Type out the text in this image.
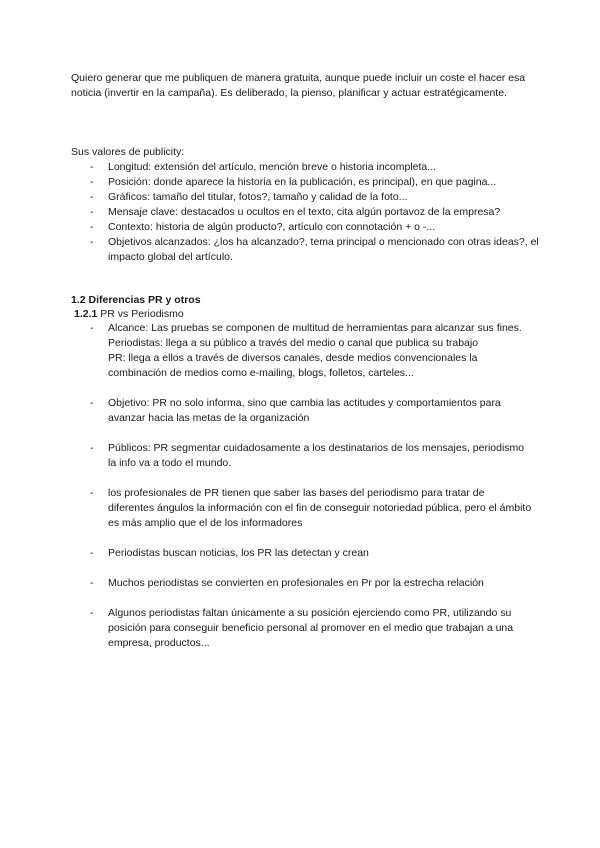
Quiero generar que me publiquen de manera gratuita, aunque puede incluir un coste el hacer esa noticia (invertir en la campaña). Es deliberado, la pienso, planificar y actuar estratégicamente.

Sus valores de publicity:

- Longitud: extensión del artículo, mención breve o historia incompleta...
- Posición: donde aparece la historia en la publicación, es principal), en que pagina...
- Gráficos: tamaño del titular, fotos?, tamaño y calidad de la foto...
- Mensaje clave: destacados u ocultos en el texto, cita algún portavoz de la empresa?
- Contexto: historia de algún producto?, artículo con connotación + o -...
- Objetivos alcanzados: ¿los ha alcanzado?, tema principal o mencionado con otras ideas?, el impacto global del artículo.

1.2 Diferencias PR y otros

1.2.1 PR vs Periodismo

- Alcance: Las pruebas se componen de multitud de herramientas para alcanzar sus fines. Periodistas: llega a su público a través del medio o canal que publica su trabajo
PR: llega a ellos a través de diversos canales, desde medios convencionales la combinación de medios como e-mailing, blogs, folletos, carteles...
- Objetivo: PR no solo informa, sino que cambia las actitudes y comportamientos para avanzar hacia las metas de la organización
- Públicos: PR segmentar cuidadosamente a los destinatarios de los mensajes, periodismo la info va a todo el mundo.
- los profesionales de PR tienen que saber las bases del periodismo para tratar de diferentes ángulos la información con el fin de conseguir notoriedad pública, pero el ámbito es más amplio que el de los informadores
- Periodistas buscan noticias, los PR las detectan y crean
- Muchos periodistas se convierten en profesionales en Pr por la estrecha relación
- Algunos periodistas faltan únicamente a su posición ejerciendo como PR, utilizando su posición para conseguir beneficio personal al promover en el medio que trabajan a una empresa, productos...
